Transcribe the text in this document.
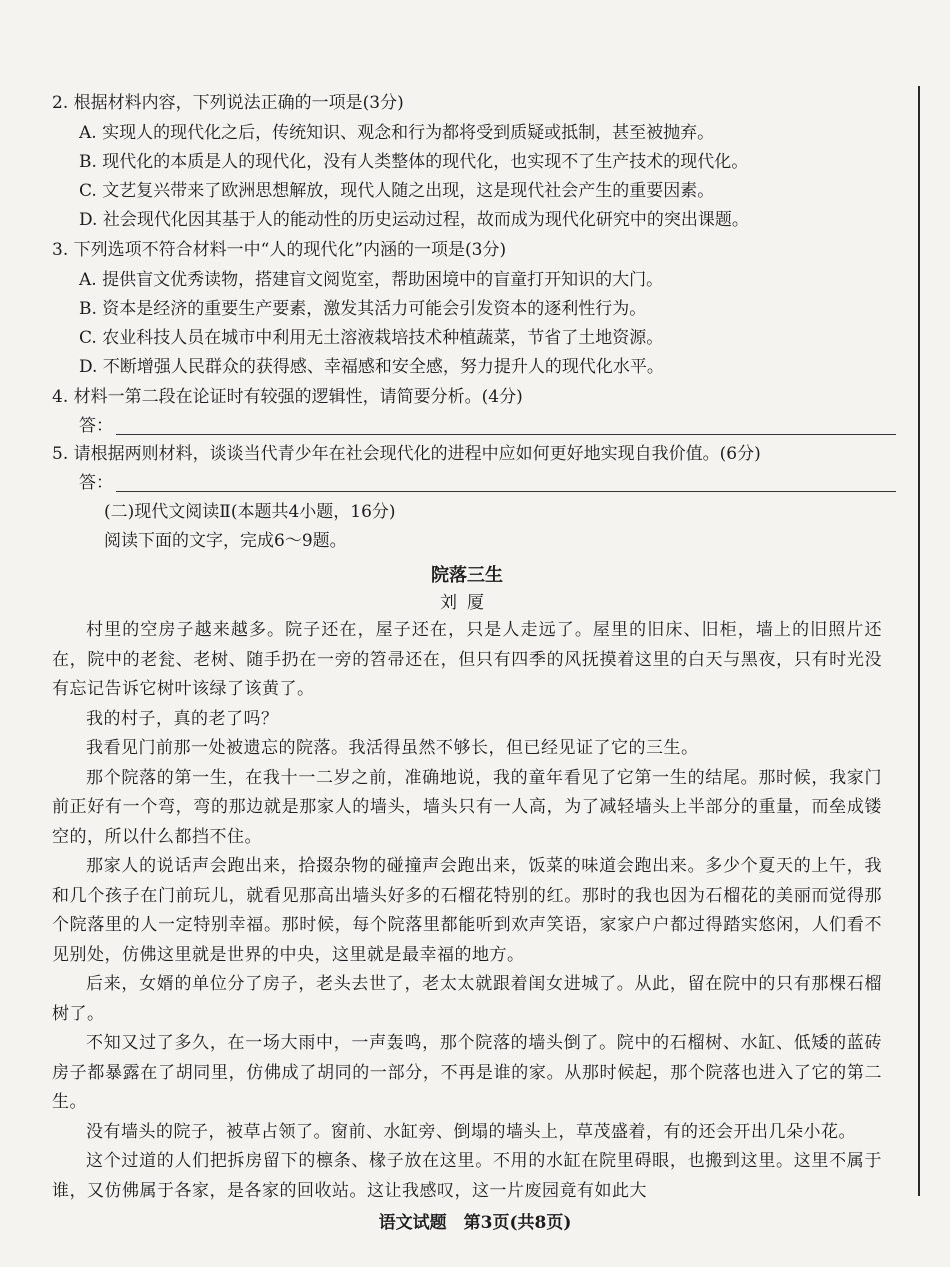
2. 根据材料内容，下列说法正确的一项是(3分)
A. 实现人的现代化之后，传统知识、观念和行为都将受到质疑或抵制，甚至被抛弃。
B. 现代化的本质是人的现代化，没有人类整体的现代化，也实现不了生产技术的现代化。
C. 文艺复兴带来了欧洲思想解放，现代人随之出现，这是现代社会产生的重要因素。
D. 社会现代化因其基于人的能动性的历史运动过程，故而成为现代化研究中的突出课题。
3. 下列选项不符合材料一中“人的现代化”内涵的一项是(3分)
A. 提供盲文优秀读物，搭建盲文阅览室，帮助困境中的盲童打开知识的大门。
B. 资本是经济的重要生产要素，激发其活力可能会引发资本的逐利性行为。
C. 农业科技人员在城市中利用无土溶液栽培技术种植蔬菜，节省了土地资源。
D. 不断增强人民群众的获得感、幸福感和安全感，努力提升人的现代化水平。
4. 材料一第二段在论证时有较强的逻辑性，请简要分析。(4分)
答：
5. 请根据两则材料，谈谈当代青少年在社会现代化的进程中应如何更好地实现自我价值。(6分)
答：
(二)现代文阅读Ⅱ(本题共4小题，16分)
阅读下面的文字，完成6～9题。
院落三生
刘厦
村里的空房子越来越多。院子还在，屋子还在，只是人走远了。屋里的旧床、旧柜，墙上的旧照片还在，院中的老瓮、老树、随手扔在一旁的笤帚还在，但只有四季的风抚摸着这里的白天与黑夜，只有时光没有忘记告诉它树叶该绿了该黄了。
我的村子，真的老了吗？
我看见门前那一处被遗忘的院落。我活得虽然不够长，但已经见证了它的三生。
那个院落的第一生，在我十一二岁之前，准确地说，我的童年看见了它第一生的结尾。那时候，我家门前正好有一个弯，弯的那边就是那家人的墙头，墙头只有一人高，为了减轻墙头上半部分的重量，而垒成镂空的，所以什么都挡不住。
那家人的说话声会跑出来，拾掇杂物的碰撞声会跑出来，饭菜的味道会跑出来。多少个夏天的上午，我和几个孩子在门前玩儿，就看见那高出墙头好多的石榴花特别的红。那时的我也因为石榴花的美丽而觉得那个院落里的人一定特别幸福。那时候，每个院落里都能听到欢声笑语，家家户户都过得踏实悠闲，人们看不见别处，仿佛这里就是世界的中央，这里就是最幸福的地方。
后来，女婿的单位分了房子，老头去世了，老太太就跟着闺女进城了。从此，留在院中的只有那棵石榴树了。
不知又过了多久，在一场大雨中，一声轰鸣，那个院落的墙头倒了。院中的石榴树、水缸、低矮的蓝砖房子都暴露在了胡同里，仿佛成了胡同的一部分，不再是谁的家。从那时候起，那个院落也进入了它的第二生。
没有墙头的院子，被草占领了。窗前、水缸旁、倒塌的墙头上，草茂盛着，有的还会开出几朵小花。
这个过道的人们把拆房留下的檩条、椽子放在这里。不用的水缸在院里碍眼，也搬到这里。这里不属于谁，又仿佛属于各家，是各家的回收站。这让我感叹，这一片废园竟有如此大
语文试题　第3页(共8页)
